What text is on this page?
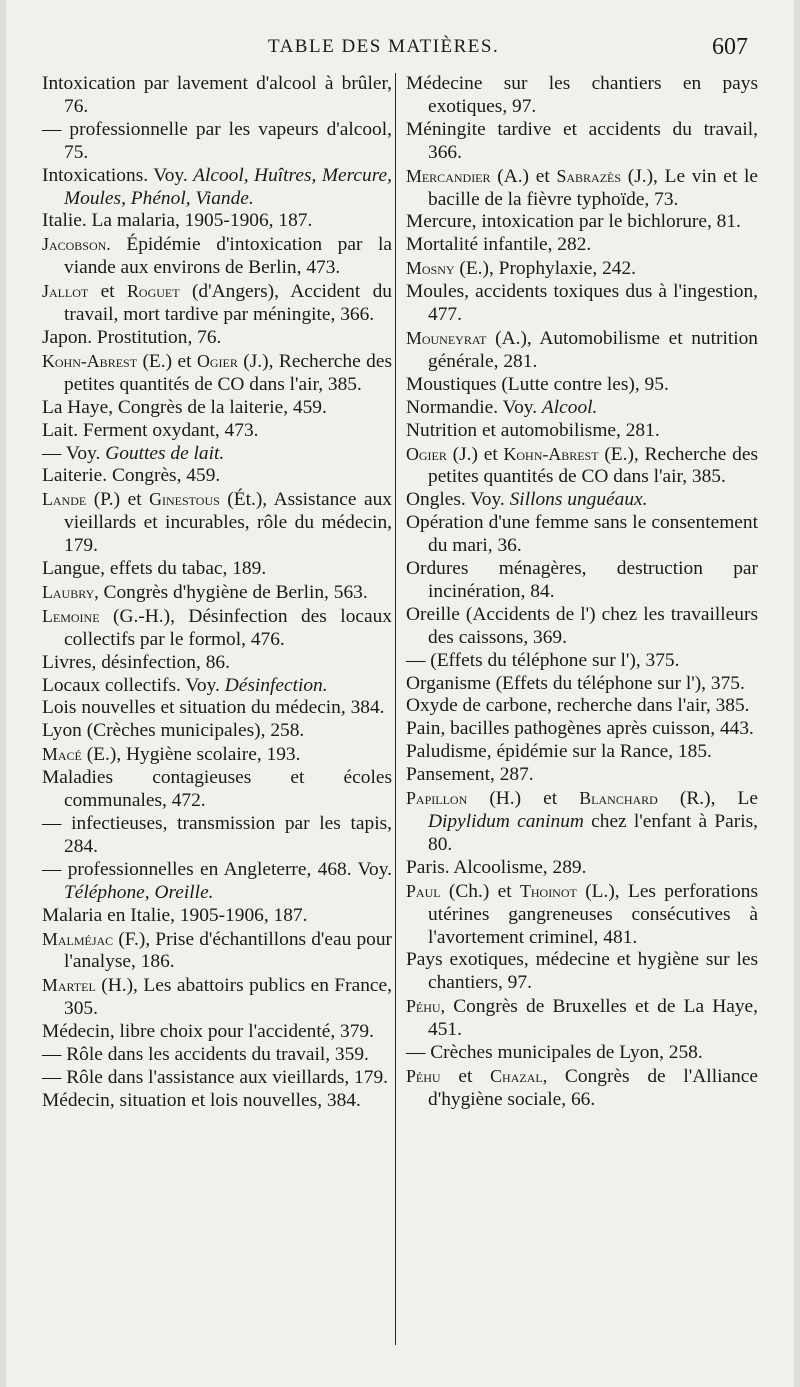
TABLE DES MATIÈRES.	607
Intoxication par lavement d'alcool à brûler, 76.
— professionnelle par les vapeurs d'alcool, 75.
Intoxications. Voy. Alcool, Huîtres, Mercure, Moules, Phénol, Viande.
Italie. La malaria, 1905-1906, 187.
Jacobson. Épidémie d'intoxication par la viande aux environs de Berlin, 473.
Jallot et Roguet (d'Angers), Accident du travail, mort tardive par méningite, 366.
Japon. Prostitution, 76.
Kohn-Abrest (E.) et Ogier (J.), Recherche des petites quantités de CO dans l'air, 385.
La Haye, Congrès de la laiterie, 459.
Lait. Ferment oxydant, 473.
— Voy. Gouttes de lait.
Laiterie. Congrès, 459.
Lande (P.) et Ginestous (Ét.), Assistance aux vieillards et incurables, rôle du médecin, 179.
Langue, effets du tabac, 189.
Laubry, Congrès d'hygiène de Berlin, 563.
Lemoine (G.-H.), Désinfection des locaux collectifs par le formol, 476.
Livres, désinfection, 86.
Locaux collectifs. Voy. Désinfection.
Lois nouvelles et situation du médecin, 384.
Lyon (Crèches municipales), 258.
Macé (E.), Hygiène scolaire, 193.
Maladies contagieuses et écoles communales, 472.
— infectieuses, transmission par les tapis, 284.
— professionnelles en Angleterre, 468. Voy. Téléphone, Oreille.
Malaria en Italie, 1905-1906, 187.
Malméjac (F.), Prise d'échantillons d'eau pour l'analyse, 186.
Martel (H.), Les abattoirs publics en France, 305.
Médecin, libre choix pour l'accidenté, 379.
— Rôle dans les accidents du travail, 359.
— Rôle dans l'assistance aux vieillards, 179.
Médecin, situation et lois nouvelles, 384.
Médecine sur les chantiers en pays exotiques, 97.
Méningite tardive et accidents du travail, 366.
Mercandier (A.) et Sabrazès (J.), Le vin et le bacille de la fièvre typhoïde, 73.
Mercure, intoxication par le bichlorure, 81.
Mortalité infantile, 282.
Mosny (E.), Prophylaxie, 242.
Moules, accidents toxiques dus à l'ingestion, 477.
Mouneyrat (A.), Automobilisme et nutrition générale, 281.
Moustiques (Lutte contre les), 95.
Normandie. Voy. Alcool.
Nutrition et automobilisme, 281.
Ogier (J.) et Kohn-Abrest (E.), Recherche des petites quantités de CO dans l'air, 385.
Ongles. Voy. Sillons unguéaux.
Opération d'une femme sans le consentement du mari, 36.
Ordures ménagères, destruction par incinération, 84.
Oreille (Accidents de l') chez les travailleurs des caissons, 369.
— (Effets du téléphone sur l'), 375.
Organisme (Effets du téléphone sur l'), 375.
Oxyde de carbone, recherche dans l'air, 385.
Pain, bacilles pathogènes après cuisson, 443.
Paludisme, épidémie sur la Rance, 185.
Pansement, 287.
Papillon (H.) et Blanchard (R.), Le Dipylidum caninum chez l'enfant à Paris, 80.
Paris. Alcoolisme, 289.
Paul (Ch.) et Thoinot (L.), Les perforations utérines gangreneuses consécutives à l'avortement criminel, 481.
Pays exotiques, médecine et hygiène sur les chantiers, 97.
Péhu, Congrès de Bruxelles et de La Haye, 451.
— Crèches municipales de Lyon, 258.
Péhu et Chazal, Congrès de l'Alliance d'hygiène sociale, 66.
